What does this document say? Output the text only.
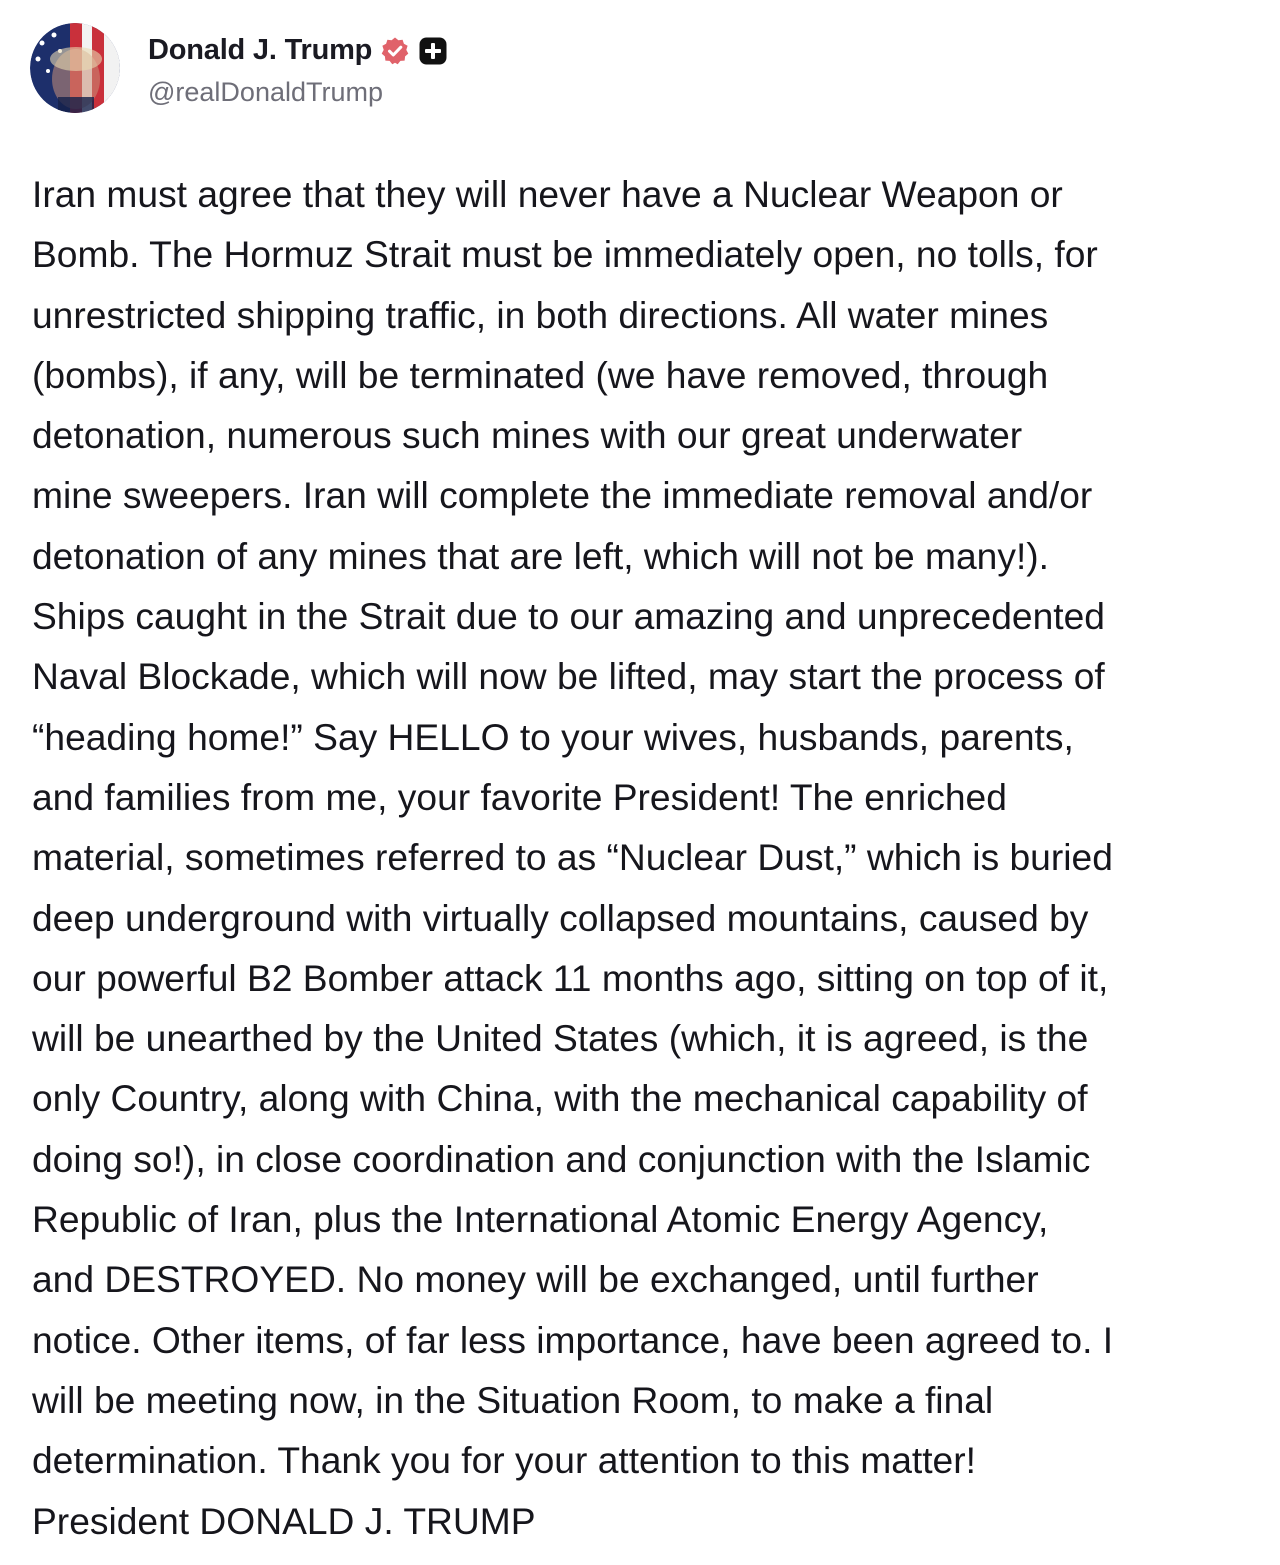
Donald J. Trump
@realDonaldTrump
Iran must agree that they will never have a Nuclear Weapon or
Bomb. The Hormuz Strait must be immediately open, no tolls, for
unrestricted shipping traffic, in both directions. All water mines
(bombs), if any, will be terminated (we have removed, through
detonation, numerous such mines with our great underwater
mine sweepers. Iran will complete the immediate removal and/or
detonation of any mines that are left, which will not be many!).
Ships caught in the Strait due to our amazing and unprecedented
Naval Blockade, which will now be lifted, may start the process of
“heading home!” Say HELLO to your wives, husbands, parents,
and families from me, your favorite President! The enriched
material, sometimes referred to as “Nuclear Dust,” which is buried
deep underground with virtually collapsed mountains, caused by
our powerful B2 Bomber attack 11 months ago, sitting on top of it,
will be unearthed by the United States (which, it is agreed, is the
only Country, along with China, with the mechanical capability of
doing so!), in close coordination and conjunction with the Islamic
Republic of Iran, plus the International Atomic Energy Agency,
and DESTROYED. No money will be exchanged, until further
notice. Other items, of far less importance, have been agreed to. I
will be meeting now, in the Situation Room, to make a final
determination. Thank you for your attention to this matter!
President DONALD J. TRUMP
